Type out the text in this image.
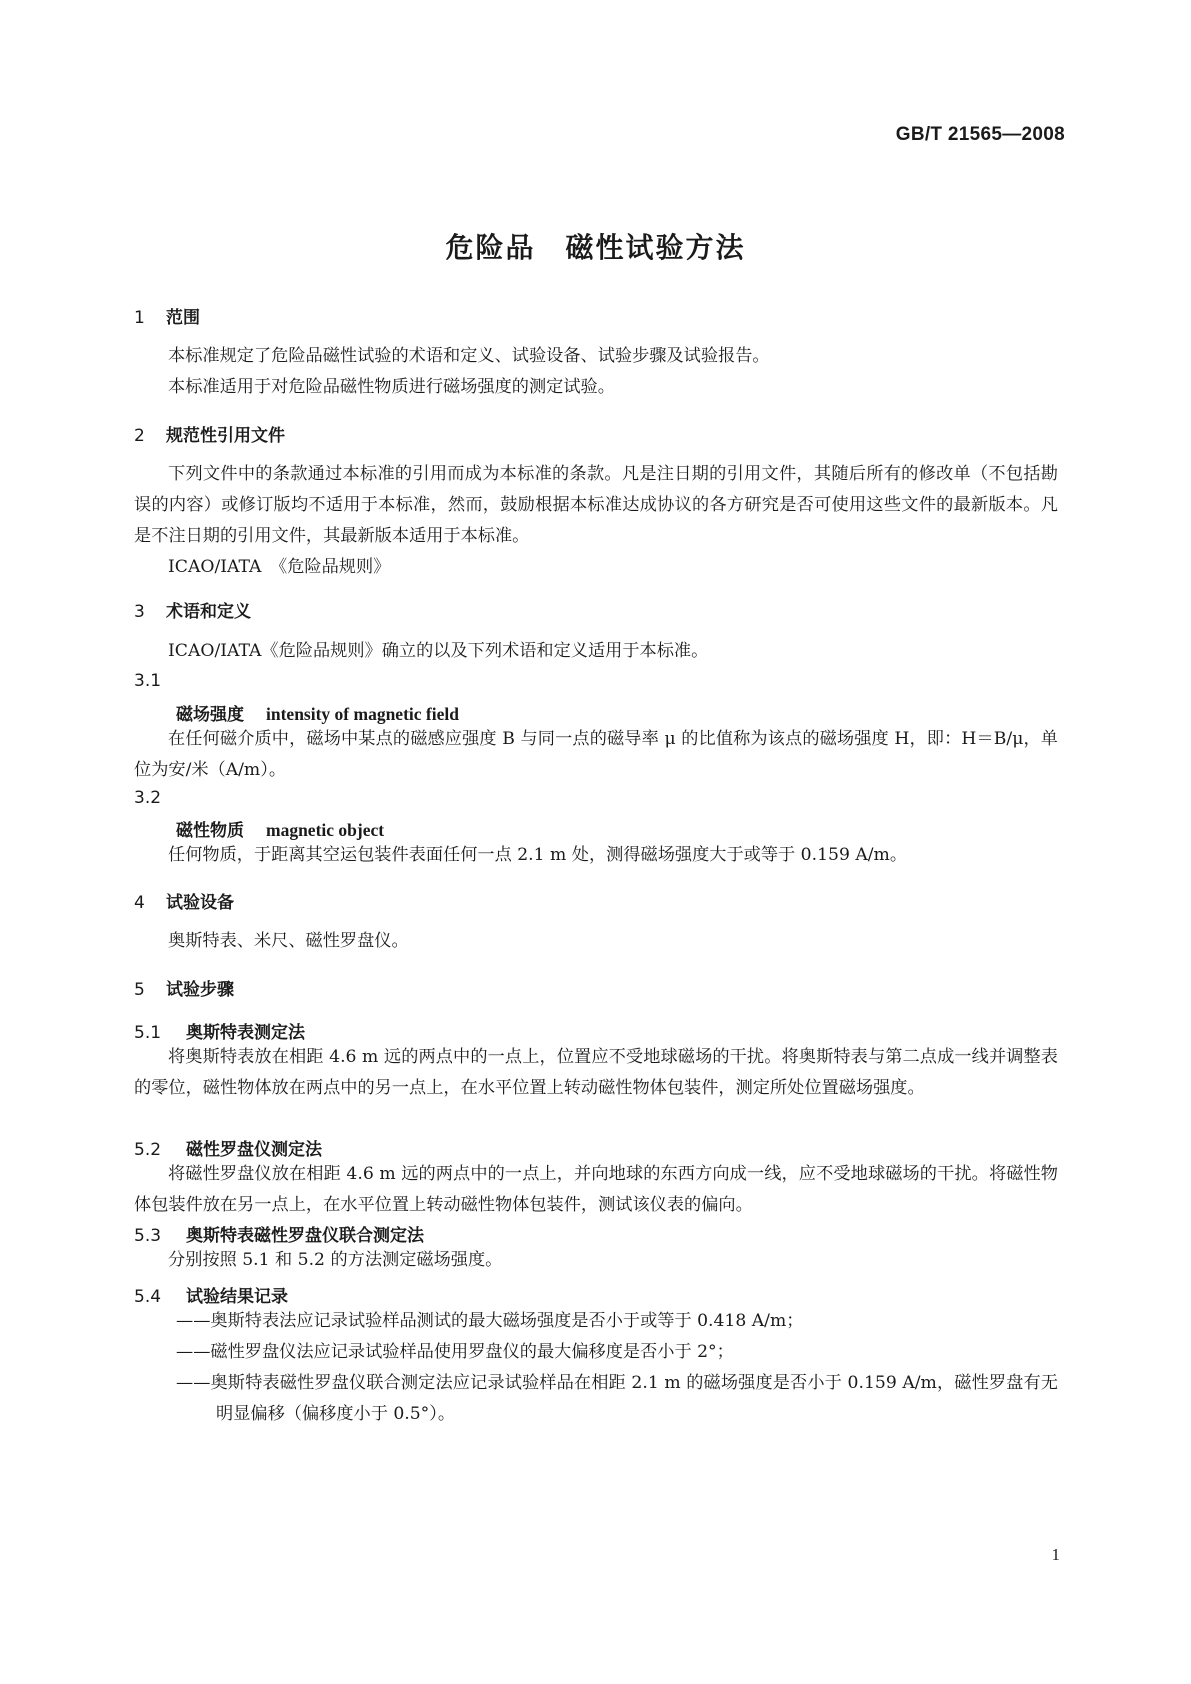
GB/T 21565—2008
危险品　磁性试验方法
1 范围
本标准规定了危险品磁性试验的术语和定义、试验设备、试验步骤及试验报告。
本标准适用于对危险品磁性物质进行磁场强度的测定试验。
2 规范性引用文件
下列文件中的条款通过本标准的引用而成为本标准的条款。凡是注日期的引用文件，其随后所有的修改单（不包括勘误的内容）或修订版均不适用于本标准，然而，鼓励根据本标准达成协议的各方研究是否可使用这些文件的最新版本。凡是不注日期的引用文件，其最新版本适用于本标准。
ICAO/IATA　《危险品规则》
3 术语和定义
ICAO/IATA《危险品规则》确立的以及下列术语和定义适用于本标准。
3.1
磁场强度 intensity of magnetic field
在任何磁介质中，磁场中某点的磁感应强度 B 与同一点的磁导率 μ 的比值称为该点的磁场强度 H，即：H＝B/μ，单位为安/米（A/m）。
3.2
磁性物质 magnetic object
任何物质，于距离其空运包装件表面任何一点 2.1 m 处，测得磁场强度大于或等于 0.159 A/m。
4 试验设备
奥斯特表、米尺、磁性罗盘仪。
5 试验步骤
5.1 奥斯特表测定法
将奥斯特表放在相距 4.6 m 远的两点中的一点上，位置应不受地球磁场的干扰。将奥斯特表与第二点成一线并调整表的零位，磁性物体放在两点中的另一点上，在水平位置上转动磁性物体包装件，测定所处位置磁场强度。
5.2 磁性罗盘仪测定法
将磁性罗盘仪放在相距 4.6 m 远的两点中的一点上，并向地球的东西方向成一线，应不受地球磁场的干扰。将磁性物体包装件放在另一点上，在水平位置上转动磁性物体包装件，测试该仪表的偏向。
5.3 奥斯特表磁性罗盘仪联合测定法
分别按照 5.1 和 5.2 的方法测定磁场强度。
5.4 试验结果记录
——奥斯特表法应记录试验样品测试的最大磁场强度是否小于或等于 0.418 A/m；
——磁性罗盘仪法应记录试验样品使用罗盘仪的最大偏移度是否小于 2°；
——奥斯特表磁性罗盘仪联合测定法应记录试验样品在相距 2.1 m 的磁场强度是否小于 0.159 A/m，磁性罗盘有无明显偏移（偏移度小于 0.5°）。
1
